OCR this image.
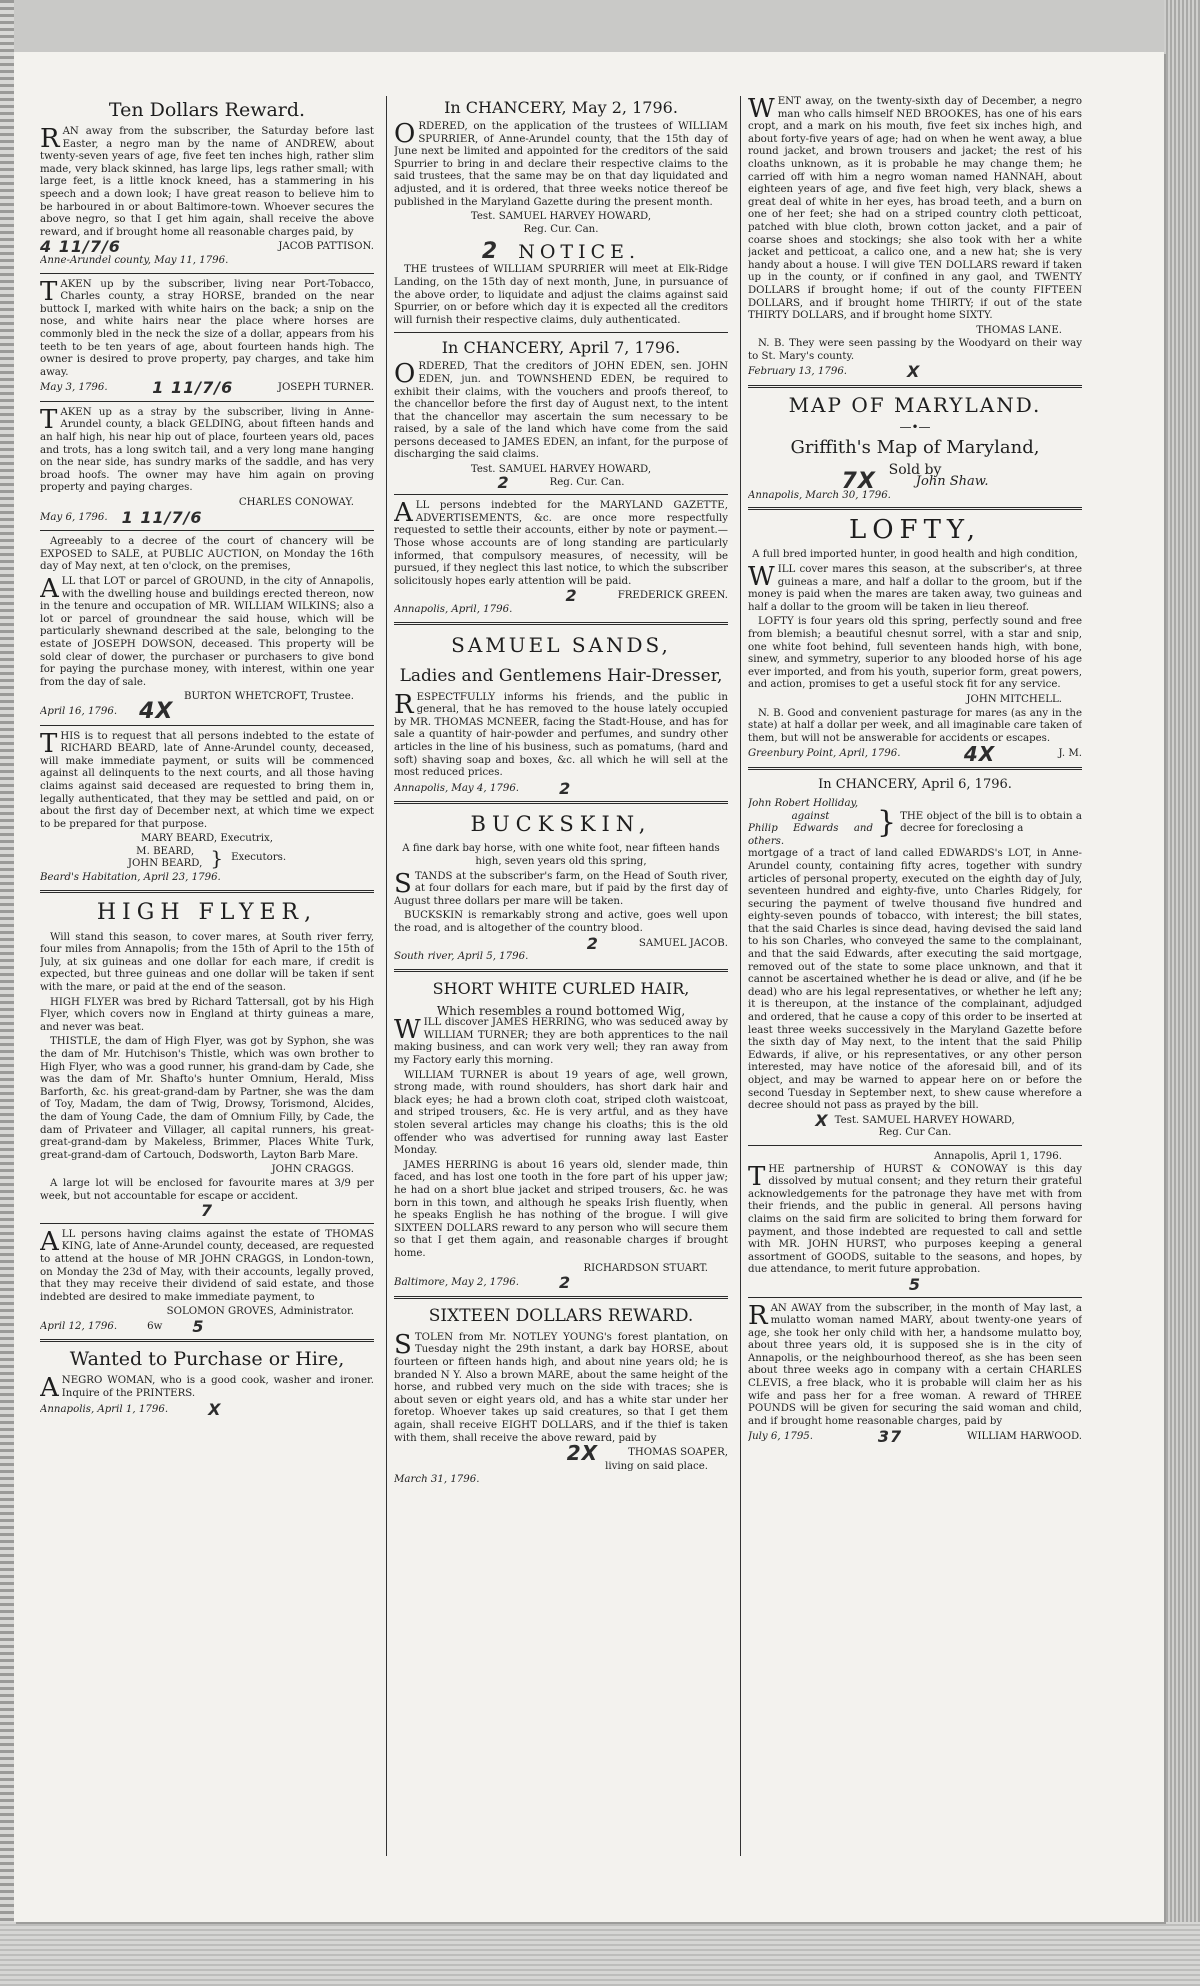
Ten Dollars Reward.

RAN away from the subscriber, the Saturday before last Easter, a negro man by the name of ANDREW, about twenty-seven years of age, five feet ten inches high, rather slim made, very black skinned, has large lips, legs rather small; with large feet, is a little knock kneed, has a stammering in his speech and a down look; I have great reason to believe him to be harboured in or about Baltimore-town. Whoever secures the above negro, so that I get him again, shall receive the above reward, and if brought home all reasonable charges paid, by

4 11/7/6	JACOB PATTISON.
Anne-Arundel county, May 11, 1796.

TAKEN up by the subscriber, living near Port-Tobacco, Charles county, a stray HORSE, branded on the near buttock I, marked with white hairs on the back; a snip on the nose, and white hairs near the place where horses are commonly bled in the neck the size of a dollar, appears from his teeth to be ten years of age, about fourteen hands high. The owner is desired to prove property, pay charges, and take him away.

May 3, 1796.	1 11/7/6	JOSEPH TURNER.

TAKEN up as a stray by the subscriber, living in Anne-Arundel county, a black GELDING, about fifteen hands and an half high, his near hip out of place, fourteen years old, paces and trots, has a long switch tail, and a very long mane hanging on the near side, has sundry marks of the saddle, and has very broad hoofs. The owner may have him again on proving property and paying charges.

CHARLES CONOWAY.
May 6, 1796. 1 11/7/6

Agreeably to a decree of the court of chancery will be EXPOSED to SALE, at PUBLIC AUCTION, on Monday the 16th day of May next, at ten o'clock, on the premises,

ALL that LOT or parcel of GROUND, in the city of Annapolis, with the dwelling house and buildings erected thereon, now in the tenure and occupation of MR. WILLIAM WILKINS; also a lot or parcel of groundnear the said house, which will be particularly shewnand described at the sale, belonging to the estate of JOSEPH DOWSON, deceased. This property will be sold clear of dower, the purchaser or purchasers to give bond for paying the purchase money, with interest, within one year from the day of sale.

BURTON WHETCROFT, Trustee.
April 16, 1796. 4X

THIS is to request that all persons indebted to the estate of RICHARD BEARD, late of Anne-Arundel county, deceased, will make immediate payment, or suits will be commenced against all delinquents to the next courts, and all those having claims against said deceased are requested to bring them in, legally authenticated, that they may be settled and paid, on or about the first day of December next, at which time we expect to be prepared for that purpose.

MARY BEARD, Executrix,
M. BEARD,
JOHN BEARD, } Executors.
Beard's Habitation, April 23, 1796.
HIGH FLYER,

Will stand this season, to cover mares, at South river ferry, four miles from Annapolis; from the 15th of April to the 15th of July, at six guineas and one dollar for each mare, if credit is expected, but three guineas and one dollar will be taken if sent with the mare, or paid at the end of the season.

HIGH FLYER was bred by Richard Tattersall, got by his High Flyer, which covers now in England at thirty guineas a mare, and never was beat.

THISTLE, the dam of High Flyer, was got by Syphon, she was the dam of Mr. Hutchison's Thistle, which was own brother to High Flyer, who was a good runner, his grand-dam by Cade, she was the dam of Mr. Shafto's hunter Omnium, Herald, Miss Barforth, &c. his great-grand-dam by Partner, she was the dam of Toy, Madam, the dam of Twig, Drowsy, Torismond, Alcides, the dam of Young Cade, the dam of Omnium Filly, by Cade, the dam of Privateer and Villager, all capital runners, his great-great-grand-dam by Makeless, Brimmer, Places White Turk, great-grand-dam of Cartouch, Dodsworth, Layton Barb Mare.

JOHN CRAGGS.

A large lot will be enclosed for favourite mares at 3/9 per week, but not accountable for escape or accident.

7

ALL persons having claims against the estate of THOMAS KING, late of Anne-Arundel county, deceased, are requested to attend at the house of MR JOHN CRAGGS, in London-town, on Monday the 23d of May, with their accounts, legally proved, that they may receive their dividend of said estate, and those indebted are desired to make immediate payment, to

SOLOMON GROVES, Administrator.
April 12, 1796.	6w 5
Wanted to Purchase or Hire,

ANEGRO WOMAN, who is a good cook, washer and ironer. Inquire of the PRINTERS.

Annapolis, April 1, 1796.	X
In CHANCERY, May 2, 1796.

ORDERED, on the application of the trustees of WILLIAM SPURRIER, of Anne-Arundel county, that the 15th day of June next be limited and appointed for the creditors of the said Spurrier to bring in and declare their respective claims to the said trustees, that the same may be on that day liquidated and adjusted, and it is ordered, that three weeks notice thereof be published in the Maryland Gazette during the present month.

Test. SAMUEL HARVEY HOWARD,
Reg. Cur. Can.
2 NOTICE.

THE trustees of WILLIAM SPURRIER will meet at Elk-Ridge Landing, on the 15th day of next month, June, in pursuance of the above order, to liquidate and adjust the claims against said Spurrier, on or before which day it is expected all the creditors will furnish their respective claims, duly authenticated.

In CHANCERY, April 7, 1796.

ORDERED, That the creditors of JOHN EDEN, sen. JOHN EDEN, jun. and TOWNSHEND EDEN, be required to exhibit their claims, with the vouchers and proofs thereof, to the chancellor before the first day of August next, to the intent that the chancellor may ascertain the sum necessary to be raised, by a sale of the land which have come from the said persons deceased to JAMES EDEN, an infant, for the purpose of discharging the said claims.

Test. SAMUEL HARVEY HOWARD,
2	Reg. Cur. Can.

ALL persons indebted for the MARYLAND GAZETTE, ADVERTISEMENTS, &c. are once more respectfully requested to settle their accounts, either by note or payment.—Those whose accounts are of long standing are particularly informed, that compulsory measures, of necessity, will be pursued, if they neglect this last notice, to which the subscriber solicitously hopes early attention will be paid.

2	FREDERICK GREEN.
Annapolis, April, 1796.
SAMUEL SANDS,
Ladies and Gentlemens Hair-Dresser,

RESPECTFULLY informs his friends, and the public in general, that he has removed to the house lately occupied by MR. THOMAS MCNEER, facing the Stadt-House, and has for sale a quantity of hair-powder and perfumes, and sundry other articles in the line of his business, such as pomatums, (hard and soft) shaving soap and boxes, &c. all which he will sell at the most reduced prices.

Annapolis, May 4, 1796.	2
BUCKSKIN,

A fine dark bay horse, with one white foot, near fifteen hands high, seven years old this spring,

STANDS at the subscriber's farm, on the Head of South river, at four dollars for each mare, but if paid by the first day of August three dollars per mare will be taken.

BUCKSKIN is remarkably strong and active, goes well upon the road, and is altogether of the country blood.

2	SAMUEL JACOB.
South river, April 5, 1796.
SHORT WHITE CURLED HAIR,
Which resembles a round bottomed Wig,

WILL discover JAMES HERRING, who was seduced away by WILLIAM TURNER; they are both apprentices to the nail making business, and can work very well; they ran away from my Factory early this morning.

WILLIAM TURNER is about 19 years of age, well grown, strong made, with round shoulders, has short dark hair and black eyes; he had a brown cloth coat, striped cloth waistcoat, and striped trousers, &c. He is very artful, and as they have stolen several articles may change his cloaths; this is the old offender who was advertised for running away last Easter Monday.

JAMES HERRING is about 16 years old, slender made, thin faced, and has lost one tooth in the fore part of his upper jaw; he had on a short blue jacket and striped trousers, &c. he was born in this town, and although he speaks Irish fluently, when he speaks English he has nothing of the brogue. I will give SIXTEEN DOLLARS reward to any person who will secure them so that I get them again, and reasonable charges if brought home.

RICHARDSON STUART.
Baltimore, May 2, 1796.	2
SIXTEEN DOLLARS REWARD.

STOLEN from Mr. NOTLEY YOUNG's forest plantation, on Tuesday night the 29th instant, a dark bay HORSE, about fourteen or fifteen hands high, and about nine years old; he is branded N Y. Also a brown MARE, about the same height of the horse, and rubbed very much on the side with traces; she is about seven or eight years old, and has a white star under her foretop. Whoever takes up said creatures, so that I get them again, shall receive EIGHT DOLLARS, and if the thief is taken with them, shall receive the above reward, paid by

2X	THOMAS SOAPER,
living on said place.
March 31, 1796.

WENT away, on the twenty-sixth day of December, a negro man who calls himself NED BROOKES, has one of his ears cropt, and a mark on his mouth, five feet six inches high, and about forty-five years of age; had on when he went away, a blue round jacket, and brown trousers and jacket; the rest of his cloaths unknown, as it is probable he may change them; he carried off with him a negro woman named HANNAH, about eighteen years of age, and five feet high, very black, shews a great deal of white in her eyes, has broad teeth, and a burn on one of her feet; she had on a striped country cloth petticoat, patched with blue cloth, brown cotton jacket, and a pair of coarse shoes and stockings; she also took with her a white jacket and petticoat, a calico one, and a new hat; she is very handy about a house. I will give TEN DOLLARS reward if taken up in the county, or if confined in any gaol, and TWENTY DOLLARS if brought home; if out of the county FIFTEEN DOLLARS, and if brought home THIRTY; if out of the state THIRTY DOLLARS, and if brought home SIXTY.

THOMAS LANE.

N. B. They were seen passing by the Woodyard on their way to St. Mary's county.

February 13, 1796.	X
MAP OF MARYLAND.
—•—
Griffith's Map of Maryland,
Sold by
7X	John Shaw.
Annapolis, March 30, 1796.
LOFTY,

A full bred imported hunter, in good health and high condition,

WILL cover mares this season, at the subscriber's, at three guineas a mare, and half a dollar to the groom, but if the money is paid when the mares are taken away, two guineas and half a dollar to the groom will be taken in lieu thereof.

LOFTY is four years old this spring, perfectly sound and free from blemish; a beautiful chesnut sorrel, with a star and snip, one white foot behind, full seventeen hands high, with bone, sinew, and symmetry, superior to any blooded horse of his age ever imported, and from his youth, superior form, great powers, and action, promises to get a useful stock fit for any service.

JOHN MITCHELL.

N. B. Good and convenient pasturage for mares (as any in the state) at half a dollar per week, and all imaginable care taken of them, but will not be answerable for accidents or escapes.

Greenbury Point, April, 1796.	4X	J. M.
In CHANCERY, April 6, 1796.
John Robert Holliday,
against
Philip Edwards and others.
} THE object of the bill is to obtain a decree for foreclosing a

mortgage of a tract of land called EDWARDS's LOT, in Anne-Arundel county, containing fifty acres, together with sundry articles of personal property, executed on the eighth day of July, seventeen hundred and eighty-five, unto Charles Ridgely, for securing the payment of twelve thousand five hundred and eighty-seven pounds of tobacco, with interest; the bill states, that the said Charles is since dead, having devised the said land to his son Charles, who conveyed the same to the complainant, and that the said Edwards, after executing the said mortgage, removed out of the state to some place unknown, and that it cannot be ascertained whether he is dead or alive, and (if he be dead) who are his legal representatives, or whether he left any; it is thereupon, at the instance of the complainant, adjudged and ordered, that he cause a copy of this order to be inserted at least three weeks successively in the Maryland Gazette before the sixth day of May next, to the intent that the said Philip Edwards, if alive, or his representatives, or any other person interested, may have notice of the aforesaid bill, and of its object, and may be warned to appear here on or before the second Tuesday in September next, to shew cause wherefore a decree should not pass as prayed by the bill.

X Test. SAMUEL HARVEY HOWARD,
Reg. Cur Can.
Annapolis, April 1, 1796.

THE partnership of HURST & CONOWAY is this day dissolved by mutual consent; and they return their grateful acknowledgements for the patronage they have met with from their friends, and the public in general. All persons having claims on the said firm are solicited to bring them forward for payment, and those indebted are requested to call and settle with MR. JOHN HURST, who purposes keeping a general assortment of GOODS, suitable to the seasons, and hopes, by due attendance, to merit future approbation.

5

RAN AWAY from the subscriber, in the month of May last, a mulatto woman named MARY, about twenty-one years of age, she took her only child with her, a handsome mulatto boy, about three years old, it is supposed she is in the city of Annapolis, or the neighbourhood thereof, as she has been seen about three weeks ago in company with a certain CHARLES CLEVIS, a free black, who it is probable will claim her as his wife and pass her for a free woman. A reward of THREE POUNDS will be given for securing the said woman and child, and if brought home reasonable charges, paid by

July 6, 1795.	37	WILLIAM HARWOOD.
